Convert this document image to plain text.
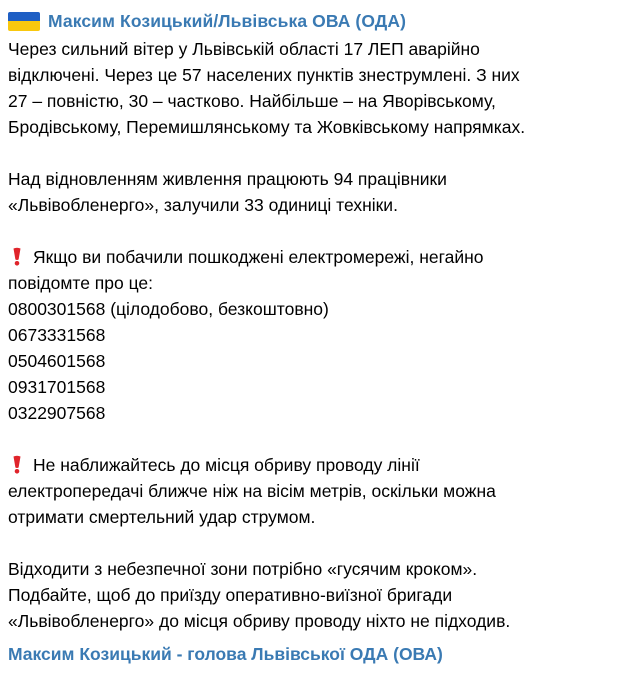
Максим Козицький/Львівська ОВА (ОДА)
Через сильний вітер у Львівській області 17 ЛЕП аварійно
відключені. Через це 57 населених пунктів знеструмлені. З них
27 – повністю, 30 – частково. Найбільше – на Яворівському,
Бродівському, Перемишлянському та Жовківському напрямках.
Над відновленням живлення працюють 94 працівники
«Львівобленерго», залучили 33 одиниці техніки.
Якщо ви побачили пошкоджені електромережі, негайно
повідомте про це:
0800301568 (цілодобово, безкоштовно)
0673331568
0504601568
0931701568
0322907568
Не наближайтесь до місця обриву проводу лінії
електропередачі ближче ніж на вісім метрів, оскільки можна
отримати смертельний удар струмом.
Відходити з небезпечної зони потрібно «гусячим кроком».
Подбайте, щоб до приїзду оперативно-виїзної бригади
«Львівобленерго» до місця обриву проводу ніхто не підходив.
Максим Козицький - голова Львівської ОДА (ОВА)
